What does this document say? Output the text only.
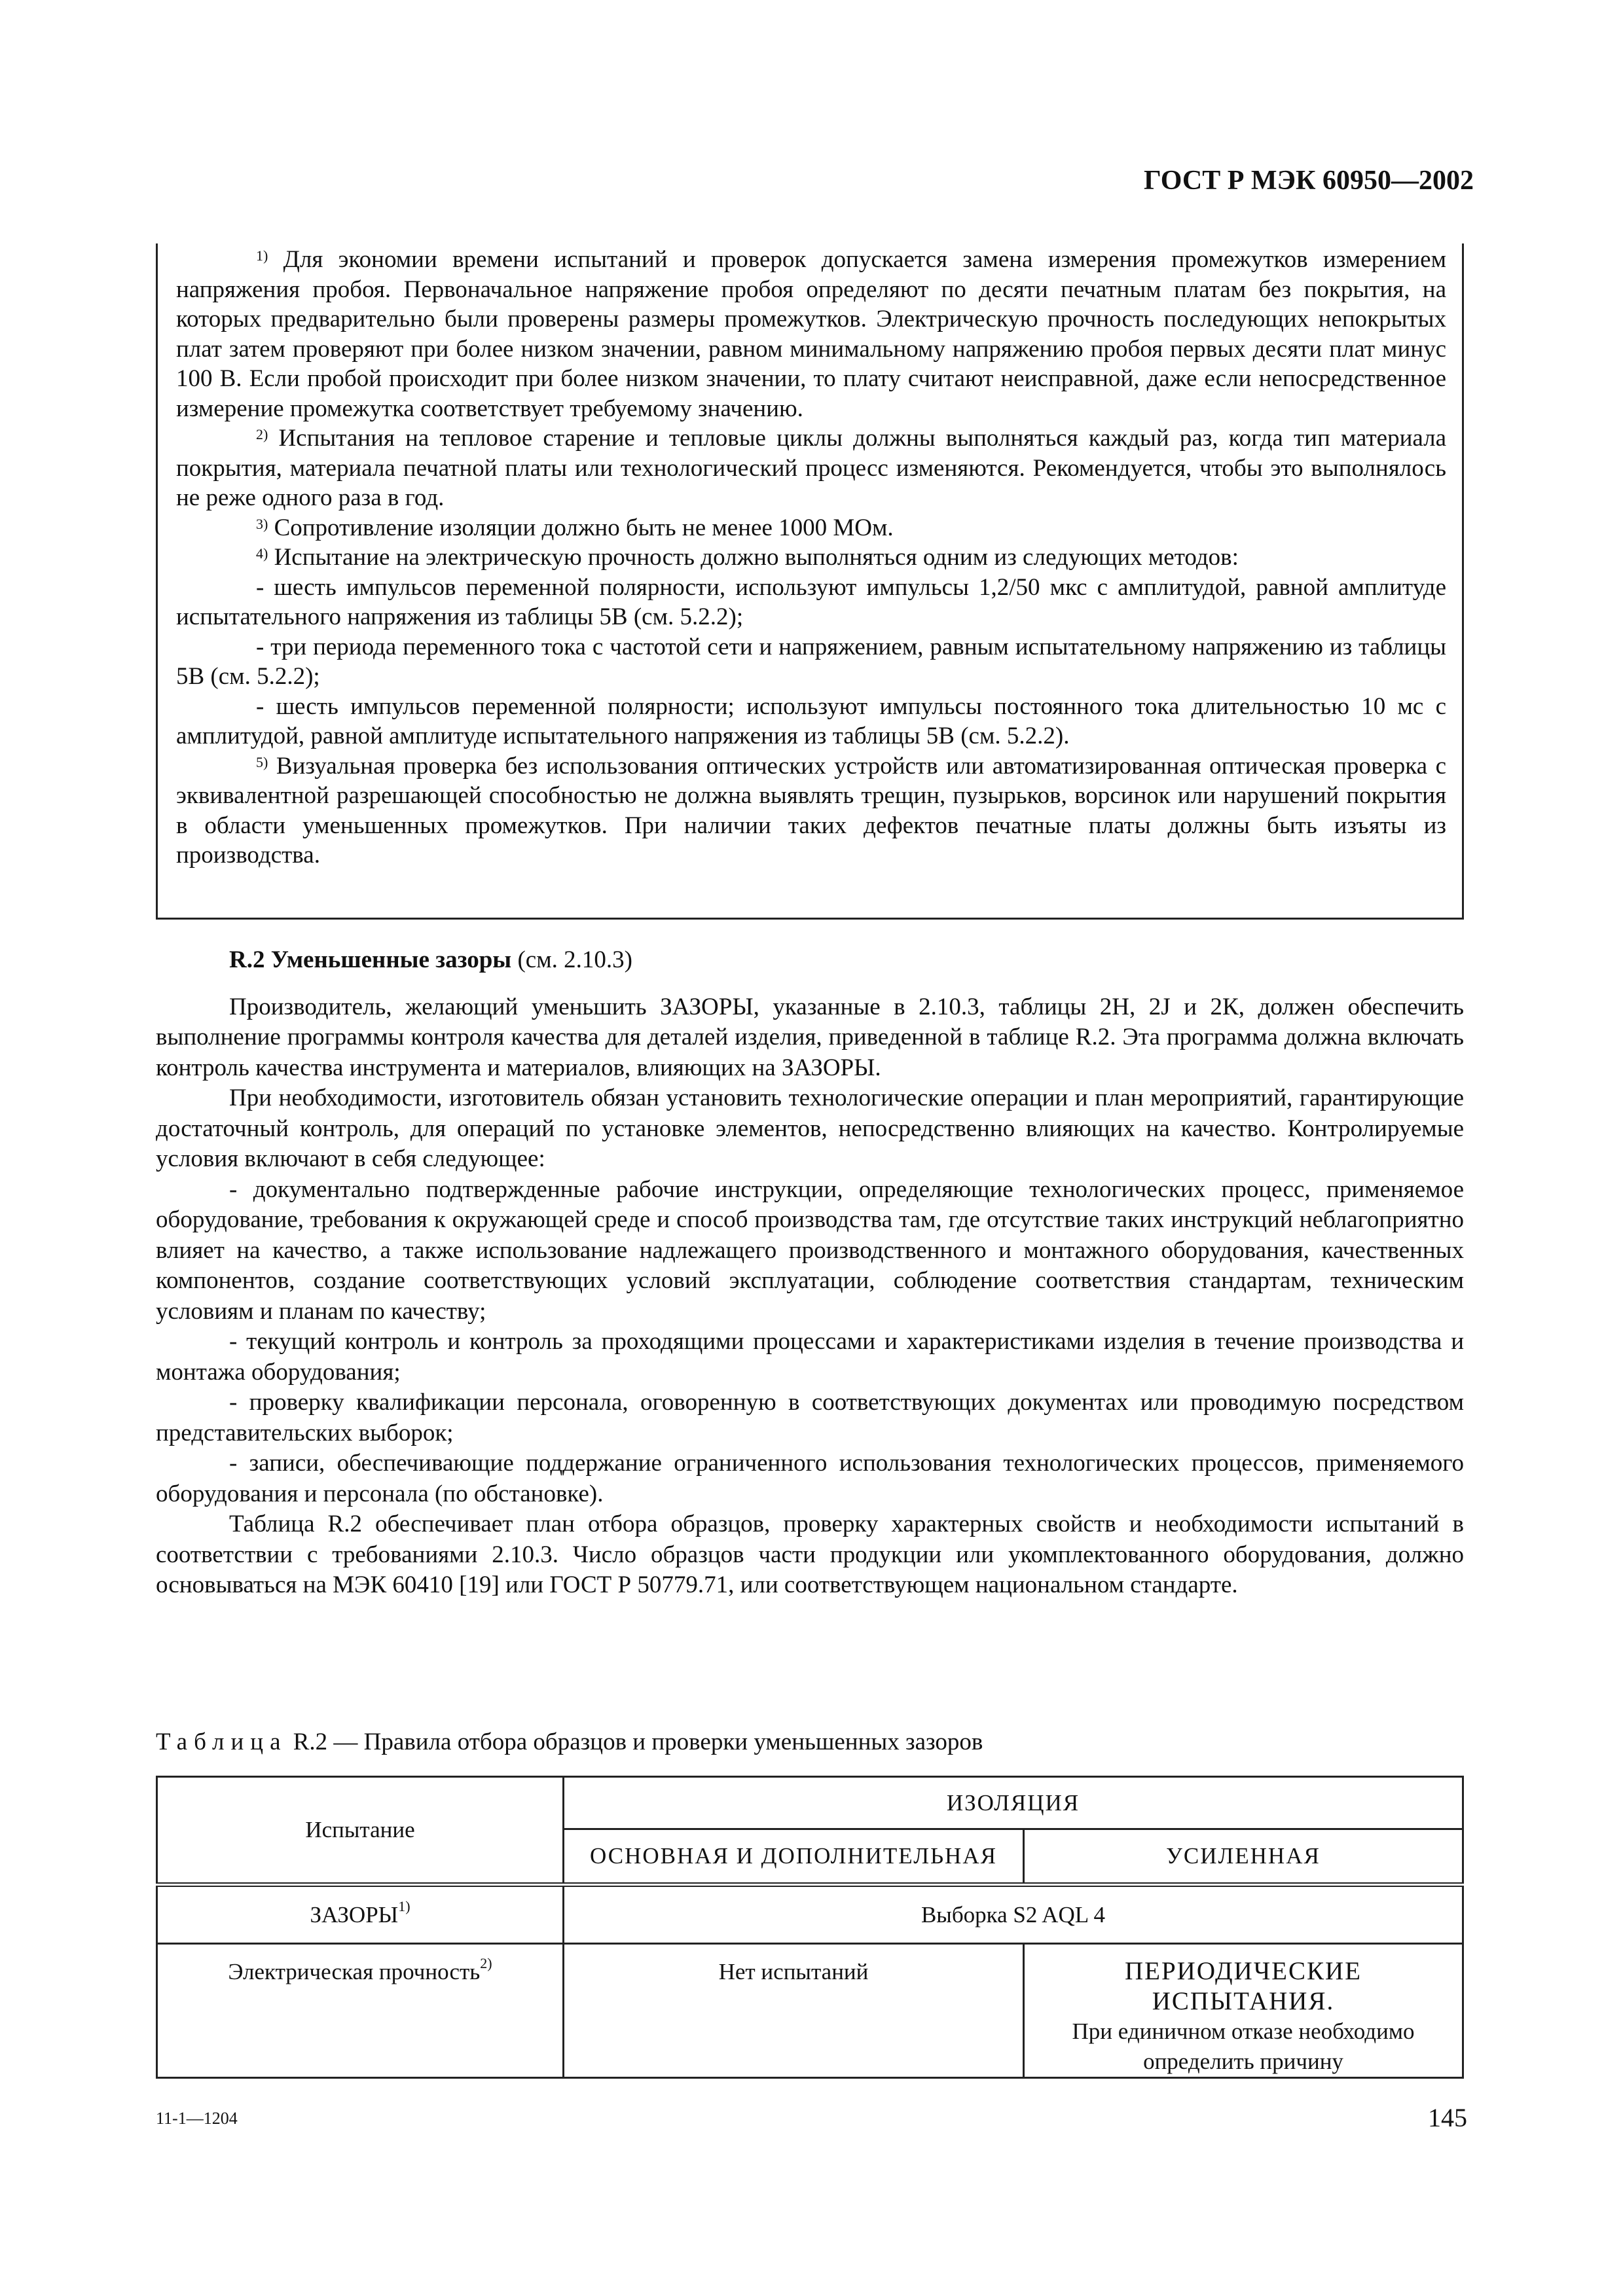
ГОСТ Р МЭК 60950—2002

$^{1)}$ Для экономии времени испытаний и проверок допускается замена измерения промежутков измерением напряжения пробоя. Первоначальное напряжение пробоя определяют по десяти печатным платам без покрытия, на которых предварительно были проверены размеры промежутков. Электрическую прочность последующих непокрытых плат затем проверяют при более низком значении, равном минимальному напряжению пробоя первых десяти плат минус 100 В. Если пробой происходит при более низком значении, то плату считают неисправной, даже если непосредственное измерение промежутка соответствует требуемому значению.

$^{2)}$ Испытания на тепловое старение и тепловые циклы должны выполняться каждый раз, когда тип материала покрытия, материала печатной платы или технологический процесс изменяются. Рекомендуется, чтобы это выполнялось не реже одного раза в год.

$^{3)}$ Сопротивление изоляции должно быть не менее 1000 МОм.

$^{4)}$ Испытание на электрическую прочность должно выполняться одним из следующих методов:

- шесть импульсов переменной полярности, используют импульсы 1,2/50 мкс с амплитудой, равной амплитуде испытательного напряжения из таблицы 5В (см. 5.2.2);

- три периода переменного тока с частотой сети и напряжением, равным испытательному напряжению из таблицы 5В (см. 5.2.2);

- шесть импульсов переменной полярности; используют импульсы постоянного тока длительностью 10 мс с амплитудой, равной амплитуде испытательного напряжения из таблицы 5В (см. 5.2.2).

$^{5)}$ Визуальная проверка без использования оптических устройств или автоматизированная оптическая проверка с эквивалентной разрешающей способностью не должна выявлять трещин, пузырьков, ворсинок или нарушений покрытия в области уменьшенных промежутков. При наличии таких дефектов печатные платы должны быть изъяты из производства.

R.2 Уменьшенные зазоры (см. 2.10.3)

Производитель, желающий уменьшить ЗАЗОРЫ, указанные в 2.10.3, таблицы 2Н, 2J и 2К, должен обеспечить выполнение программы контроля качества для деталей изделия, приведенной в таблице R.2. Эта программа должна включать контроль качества инструмента и материалов, влияющих на ЗАЗОРЫ.

При необходимости, изготовитель обязан установить технологические операции и план мероприятий, гарантирующие достаточный контроль, для операций по установке элементов, непосредственно влияющих на качество. Контролируемые условия включают в себя следующее:

- документально подтвержденные рабочие инструкции, определяющие технологических процесс, применяемое оборудование, требования к окружающей среде и способ производства там, где отсутствие таких инструкций неблагоприятно влияет на качество, а также использование надлежащего производственного и монтажного оборудования, качественных компонентов, создание соответствующих условий эксплуатации, соблюдение соответствия стандартам, техническим условиям и планам по качеству;

- текущий контроль и контроль за проходящими процессами и характеристиками изделия в течение производства и монтажа оборудования;

- проверку квалификации персонала, оговоренную в соответствующих документах или проводимую посредством представительских выборок;

- записи, обеспечивающие поддержание ограниченного использования технологических процессов, применяемого оборудования и персонала (по обстановке).

Таблица R.2 обеспечивает план отбора образцов, проверку характерных свойств и необходимости испытаний в соответствии с требованиями 2.10.3. Число образцов части продукции или укомплектованного оборудования, должно основываться на МЭК 60410 [19] или ГОСТ Р 50779.71, или соответствующем национальном стандарте.

Таблица R.2 — Правила отбора образцов и проверки уменьшенных зазоров
Испытание	ИЗОЛЯЦИЯ	
	ОСНОВНАЯ И ДОПОЛНИТЕЛЬНАЯ	УСИЛЕННАЯ
ЗАЗОРЫ$^{1)}$	Выборка S2 AQL 4	
Электрическая прочность$^{2)}$	Нет испытаний	ПЕРИОДИЧЕСКИЕ ИСПЫТАНИЯ.
При единичном отказе необходимо определить причину
11-1—1204	145
